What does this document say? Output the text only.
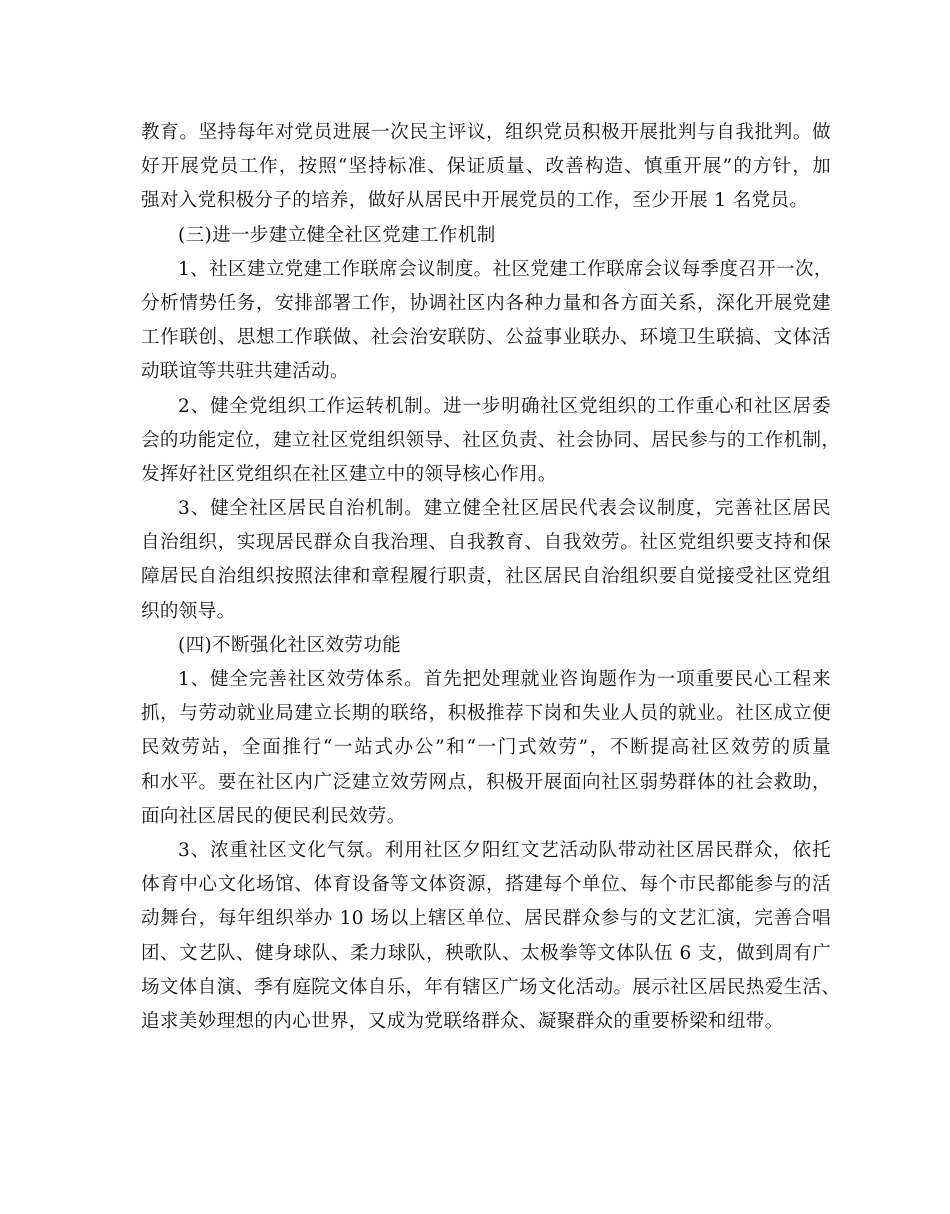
教育。坚持每年对党员进展一次民主评议，组织党员积极开展批判与自我批判。做
好开展党员工作，按照“坚持标准、保证质量、改善构造、慎重开展”的方针，加
强对入党积极分子的培养，做好从居民中开展党员的工作，至少开展 1 名党员。
(三)进一步建立健全社区党建工作机制
1、社区建立党建工作联席会议制度。社区党建工作联席会议每季度召开一次，
分析情势任务，安排部署工作，协调社区内各种力量和各方面关系，深化开展党建
工作联创、思想工作联做、社会治安联防、公益事业联办、环境卫生联搞、文体活
动联谊等共驻共建活动。
2、健全党组织工作运转机制。进一步明确社区党组织的工作重心和社区居委
会的功能定位，建立社区党组织领导、社区负责、社会协同、居民参与的工作机制，
发挥好社区党组织在社区建立中的领导核心作用。
3、健全社区居民自治机制。建立健全社区居民代表会议制度，完善社区居民
自治组织，实现居民群众自我治理、自我教育、自我效劳。社区党组织要支持和保
障居民自治组织按照法律和章程履行职责，社区居民自治组织要自觉接受社区党组
织的领导。
(四)不断强化社区效劳功能
1、健全完善社区效劳体系。首先把处理就业咨询题作为一项重要民心工程来
抓，与劳动就业局建立长期的联络，积极推荐下岗和失业人员的就业。社区成立便
民效劳站，全面推行“一站式办公”和“一门式效劳”，不断提高社区效劳的质量
和水平。要在社区内广泛建立效劳网点，积极开展面向社区弱势群体的社会救助，
面向社区居民的便民利民效劳。
3、浓重社区文化气氛。利用社区夕阳红文艺活动队带动社区居民群众，依托
体育中心文化场馆、体育设备等文体资源，搭建每个单位、每个市民都能参与的活
动舞台，每年组织举办 10 场以上辖区单位、居民群众参与的文艺汇演，完善合唱
团、文艺队、健身球队、柔力球队，秧歌队、太极拳等文体队伍 6 支，做到周有广
场文体自演、季有庭院文体自乐，年有辖区广场文化活动。展示社区居民热爱生活、
追求美妙理想的内心世界，又成为党联络群众、凝聚群众的重要桥梁和纽带。
